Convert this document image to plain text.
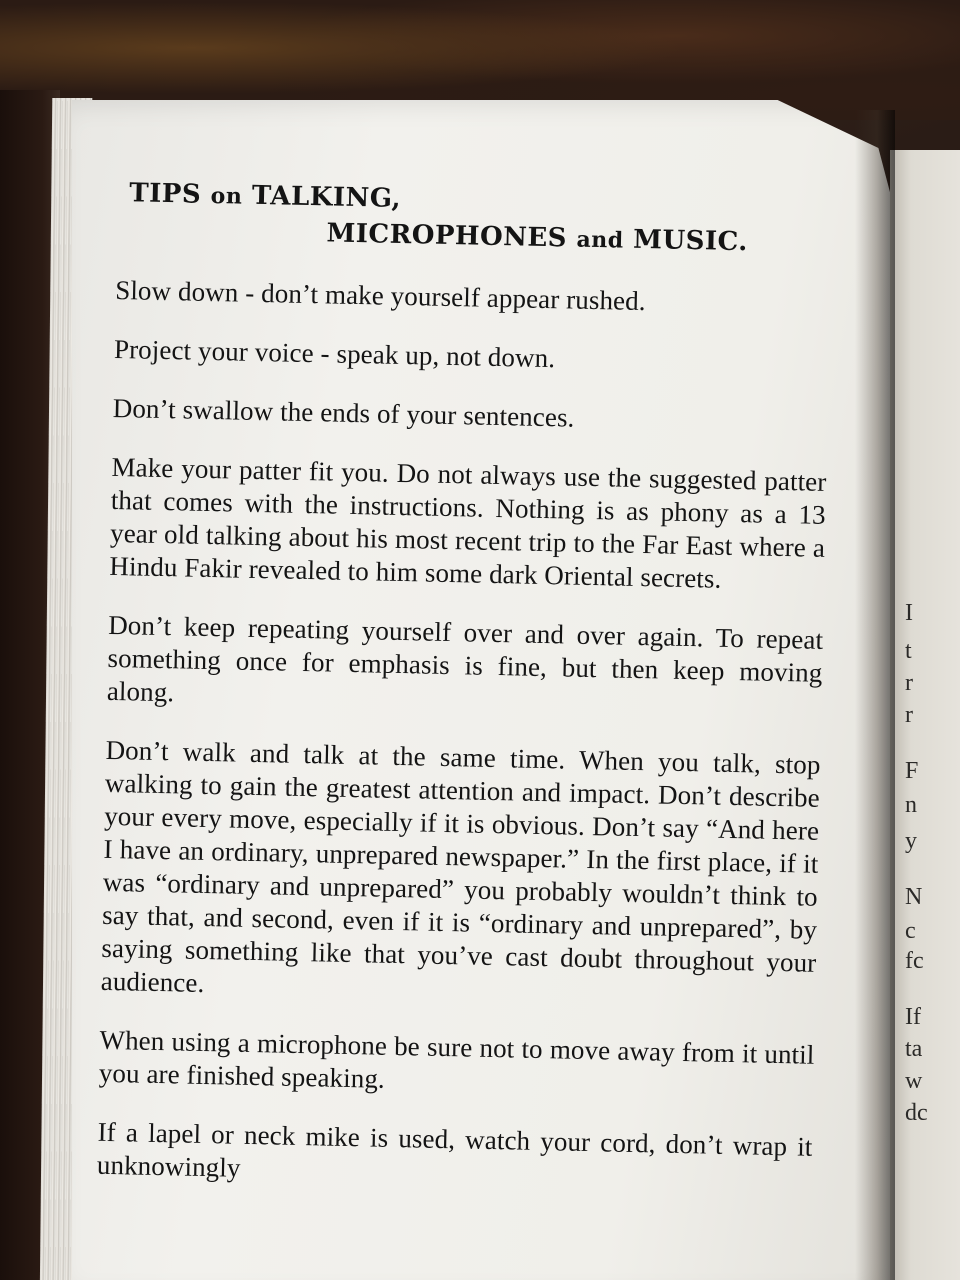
TIPS on TALKING,
MICROPHONES and MUSIC.

Slow down - don’t make yourself appear rushed.

Project your voice - speak up, not down.

Don’t swallow the ends of your sentences.

Make your patter fit you. Do not always use the suggested patter that comes with the instructions. Nothing is as phony as a 13 year old talking about his most recent trip to the Far East where a Hindu Fakir revealed to him some dark Oriental secrets.

Don’t keep repeating yourself over and over again. To repeat something once for emphasis is fine, but then keep moving along.

Don’t walk and talk at the same time. When you talk, stop walking to gain the greatest attention and impact. Don’t describe your every move, especially if it is obvious. Don’t say “And here I have an ordinary, unprepared newspaper.” In the first place, if it was “ordinary and unprepared” you probably wouldn’t think to say that, and second, even if it is “ordinary and unprepared”, by saying something like that you’ve cast doubt throughout your audience.

When using a microphone be sure not to move away from it until you are finished speaking.

If a lapel or neck mike is used, watch your cord, don’t wrap it unknowingly

I
t
r
r
F
n
y
N
c
fc
If
ta
w
dc
